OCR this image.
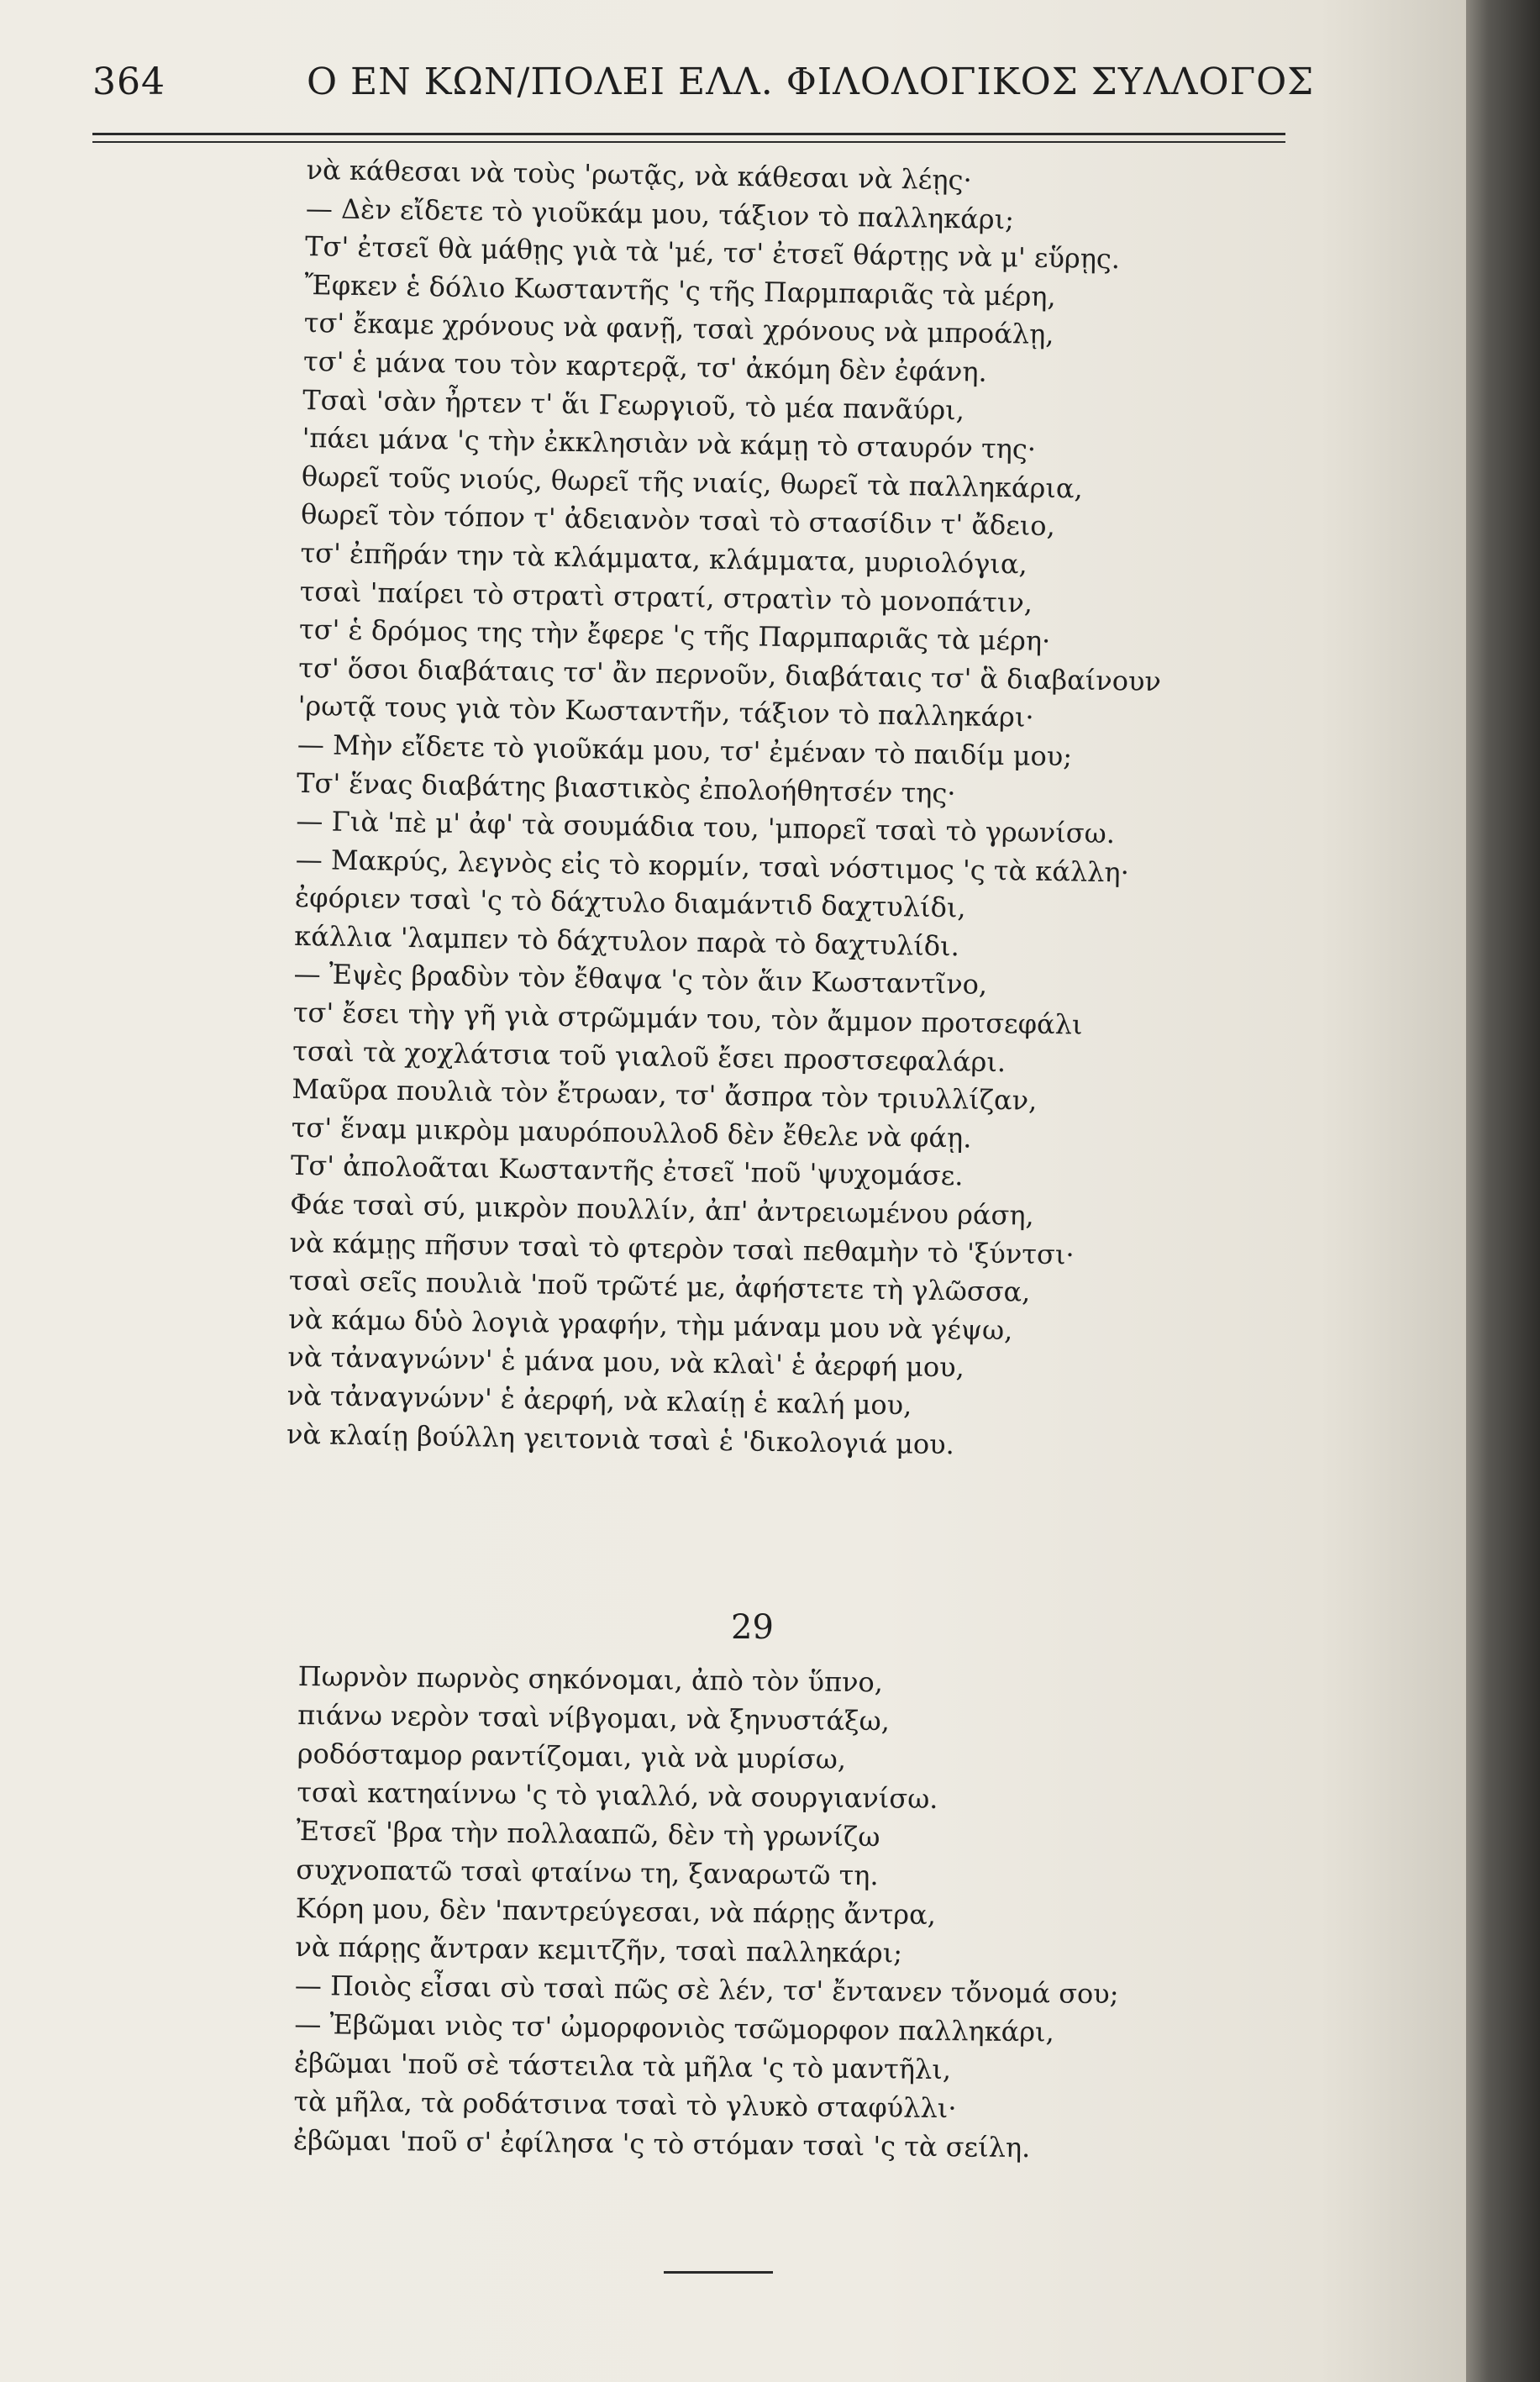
364	Ο ΕΝ ΚΩΝ/ΠΟΛΕΙ ΕΛΛ. ΦΙΛΟΛΟΓΙΚΟΣ ΣΥΛΛΟΓΟΣ
νὰ κάθεσαι νὰ τοὺς 'ρωτᾷς, νὰ κάθεσαι νὰ λέῃς·
— Δὲν εἴδετε τὸ γιοῦκάμ μου, τάξιον τὸ παλληκάρι;
Τσ' ἐτσεῖ θὰ μάθῃς γιὰ τὰ 'μέ, τσ' ἐτσεῖ θάρτῃς νὰ μ' εὕρῃς.
Ἔφκεν ἑ δόλιο Κωσταντῆς 'ς τῆς Παρμπαριᾶς τὰ μέρη,
τσ' ἔκαμε χρόνους νὰ φανῇ, τσαὶ χρόνους νὰ μπροάλῃ,
τσ' ἑ μάνα του τὸν καρτερᾷ, τσ' ἀκόμη δὲν ἐφάνη.
Τσαὶ 'σὰν ἦρτεν τ' ἅι Γεωργιοῦ, τὸ μέα πανᾶύρι,
'πάει μάνα 'ς τὴν ἐκκλησιὰν νὰ κάμῃ τὸ σταυρόν της·
θωρεῖ τοῦς νιούς, θωρεῖ τῆς νιαίς, θωρεῖ τὰ παλληκάρια,
θωρεῖ τὸν τόπον τ' ἀδειανὸν τσαὶ τὸ στασίδιν τ' ἄδειο,
τσ' ἐπῆράν την τὰ κλάμματα, κλάμματα, μυριολόγια,
τσαὶ 'παίρει τὸ στρατὶ στρατί, στρατὶν τὸ μονοπάτιν,
τσ' ἑ δρόμος της τὴν ἔφερε 'ς τῆς Παρμπαριᾶς τὰ μέρη·
τσ' ὅσοι διαβάταις τσ' ἂν περνοῦν, διαβάταις τσ' ἃ διαβαίνουν
'ρωτᾷ τους γιὰ τὸν Κωσταντῆν, τάξιον τὸ παλληκάρι·
— Μὴν εἴδετε τὸ γιοῦκάμ μου, τσ' ἐμέναν τὸ παιδίμ μου;
Τσ' ἕνας διαβάτης βιαστικὸς ἐπολοήθητσέν της·
— Γιὰ 'πὲ μ' ἀφ' τὰ σουμάδια του, 'μπορεῖ τσαὶ τὸ γρωνίσω.
— Μακρύς, λεγνὸς εἰς τὸ κορμίν, τσαὶ νόστιμος 'ς τὰ κάλλη·
ἐφόριεν τσαὶ 'ς τὸ δάχτυλο διαμάντιδ δαχτυλίδι,
κάλλια 'λαμπεν τὸ δάχτυλον παρὰ τὸ δαχτυλίδι.
— Ἐψὲς βραδὺν τὸν ἔθαψα 'ς τὸν ἅιν Κωσταντῖνο,
τσ' ἔσει τὴγ γῆ γιὰ στρῶμμάν του, τὸν ἄμμον προτσεφάλι
τσαὶ τὰ χοχλάτσια τοῦ γιαλοῦ ἔσει προστσεφαλάρι.
Μαῦρα πουλιὰ τὸν ἔτρωαν, τσ' ἄσπρα τὸν τριυλλίζαν,
τσ' ἕναμ μικρὸμ μαυρόπουλλοδ δὲν ἔθελε νὰ φάῃ.
Τσ' ἀπολοᾶται Κωσταντῆς ἐτσεῖ 'ποῦ 'ψυχομάσε.
Φάε τσαὶ σύ, μικρὸν πουλλίν, ἀπ' ἀντρειωμένου ράση,
νὰ κάμῃς πῆσυν τσαὶ τὸ φτερὸν τσαὶ πεθαμὴν τὸ 'ξύντσι·
τσαὶ σεῖς πουλιὰ 'ποῦ τρῶτέ με, ἀφήστετε τὴ γλῶσσα,
νὰ κάμω δὑὸ λογιὰ γραφήν, τὴμ μάναμ μου νὰ γέψω,
νὰ τἀναγνώνν' ἑ μάνα μου, νὰ κλαὶ' ἑ ἀερφή μου,
νὰ τἀναγνώνν' ἑ ἀερφή, νὰ κλαίῃ ἑ καλή μου,
νὰ κλαίῃ βούλλη γειτονιὰ τσαὶ ἑ 'δικολογιά μου.
29
Πωρνὸν πωρνὸς σηκόνομαι, ἀπὸ τὸν ὕπνο,
πιάνω νερὸν τσαὶ νίβγομαι, νὰ ξηνυστάξω,
ροδόσταμορ ραντίζομαι, γιὰ νὰ μυρίσω,
τσαὶ κατηαίννω 'ς τὸ γιαλλό, νὰ σουργιανίσω.
Ἐτσεῖ 'βρα τὴν πολλααπῶ, δὲν τὴ γρωνίζω
συχνοπατῶ τσαὶ φταίνω τη, ξαναρωτῶ τη.
Κόρη μου, δὲν 'παντρεύγεσαι, νὰ πάρῃς ἄντρα,
νὰ πάρῃς ἄντραν κεμιτζῆν, τσαὶ παλληκάρι;
— Ποιὸς εἶσαι σὺ τσαὶ πῶς σὲ λέν, τσ' ἔντανεν τὄνομά σου;
— Ἐβῶμαι νιὸς τσ' ὠμορφονιὸς τσῶμορφον παλληκάρι,
ἐβῶμαι 'ποῦ σὲ τάστειλα τὰ μῆλα 'ς τὸ μαντῆλι,
τὰ μῆλα, τὰ ροδάτσινα τσαὶ τὸ γλυκὸ σταφύλλι·
ἐβῶμαι 'ποῦ σ' ἐφίλησα 'ς τὸ στόμαν τσαὶ 'ς τὰ σείλη.
